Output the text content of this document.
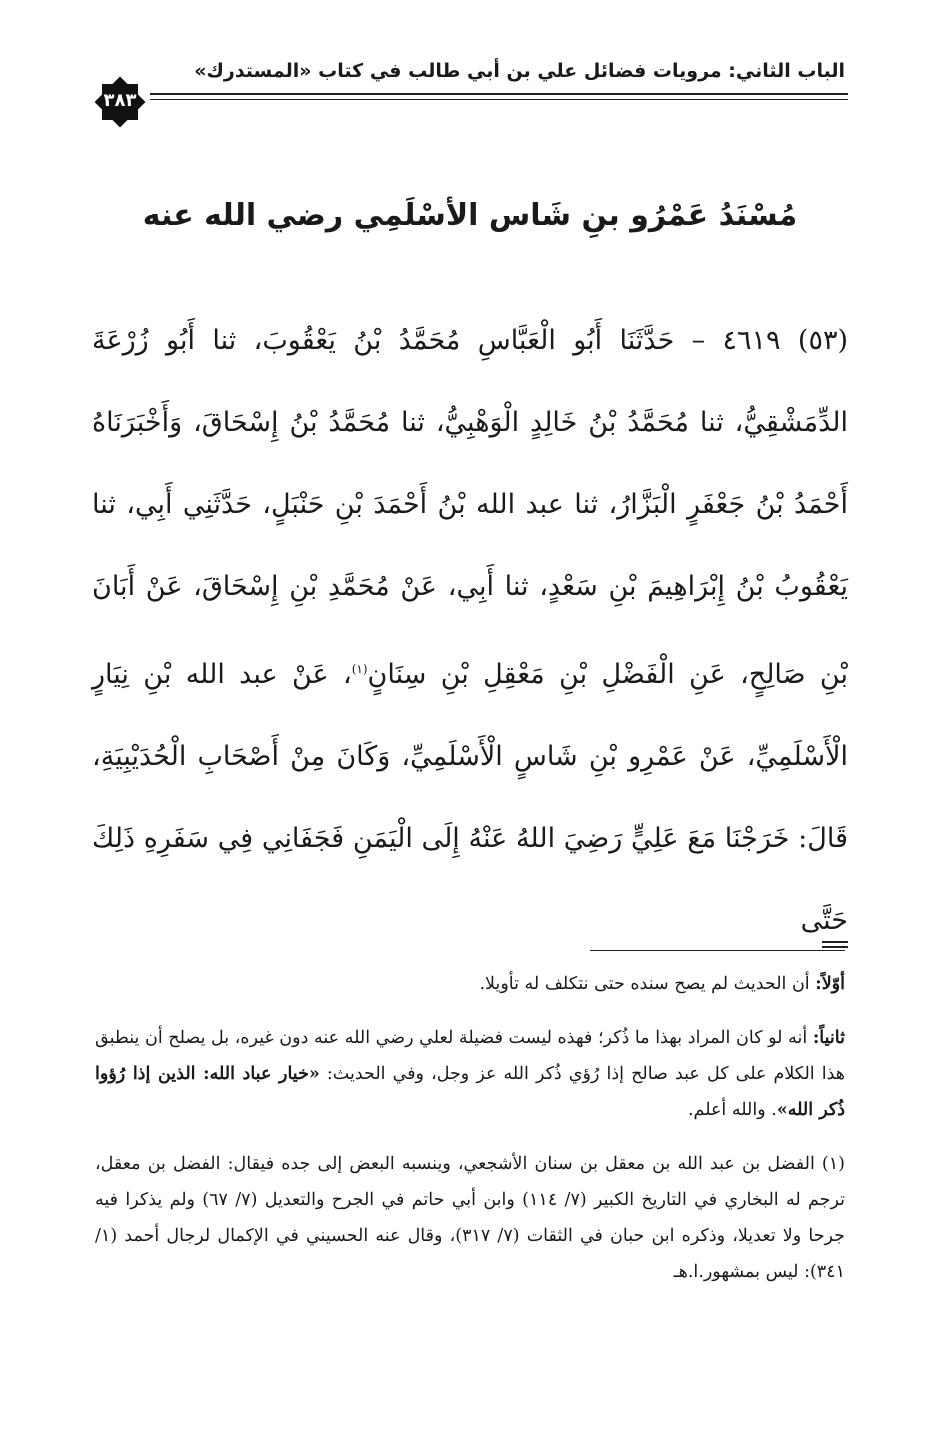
الباب الثاني: مرويات فضائل علي بن أبي طالب في كتاب «المستدرك»
٣٨٣
مُسْنَدُ عَمْرُو بنِ شَاس الأسْلَمِي رضي الله عنه

(٥٣) ٤٦١٩ – حَدَّثَنَا أَبُو الْعَبَّاسِ مُحَمَّدُ بْنُ يَعْقُوبَ، ثنا أَبُو زُرْعَةَ الدِّمَشْقِيُّ، ثنا مُحَمَّدُ بْنُ خَالِدٍ الْوَهْبِيُّ، ثنا مُحَمَّدُ بْنُ إِسْحَاقَ، وَأَخْبَرَنَاهُ أَحْمَدُ بْنُ جَعْفَرٍ الْبَزَّارُ، ثنا عبد الله بْنُ أَحْمَدَ بْنِ حَنْبَلٍ، حَدَّثَنِي أَبِي، ثنا يَعْقُوبُ بْنُ إِبْرَاهِيمَ بْنِ سَعْدٍ، ثنا أَبِي، عَنْ مُحَمَّدِ بْنِ إِسْحَاقَ، عَنْ أَبَانَ بْنِ صَالِحٍ، عَنِ الْفَضْلِ بْنِ مَعْقِلِ بْنِ سِنَانٍ$^{(١)}$، عَنْ عبد الله بْنِ نِيَارٍ الْأَسْلَمِيِّ، عَنْ عَمْرِو بْنِ شَاسٍ الْأَسْلَمِيِّ، وَكَانَ مِنْ أَصْحَابِ الْحُدَيْبِيَةِ، قَالَ: خَرَجْنَا مَعَ عَلِيٍّ رَضِيَ اللهُ عَنْهُ إِلَى الْيَمَنِ فَجَفَانِي فِي سَفَرِهِ ذَلِكَ حَتَّى

أوّلاً: أن الحديث لم يصح سنده حتى نتكلف له تأويلا.

ثانياً: أنه لو كان المراد بهذا ما ذُكر؛ فهذه ليست فضيلة لعلي رضي الله عنه دون غيره، بل يصلح أن ينطبق هذا الكلام على كل عبد صالح إذا رُؤي ذُكر الله عز وجل، وفي الحديث: «خيار عباد الله: الذين إذا رُؤوا ذُكر الله». والله أعلم.

(١) الفضل بن عبد الله بن معقل بن سنان الأشجعي، وينسبه البعض إلى جده فيقال: الفضل بن معقل، ترجم له البخاري في التاريخ الكبير (٧/ ١١٤) وابن أبي حاتم في الجرح والتعديل (٧/ ٦٧) ولم يذكرا فيه جرحا ولا تعديلا، وذكره ابن حبان في الثقات (٧/ ٣١٧)، وقال عنه الحسيني في الإكمال لرجال أحمد (١/ ٣٤١): ليس بمشهور.ا.هـ
